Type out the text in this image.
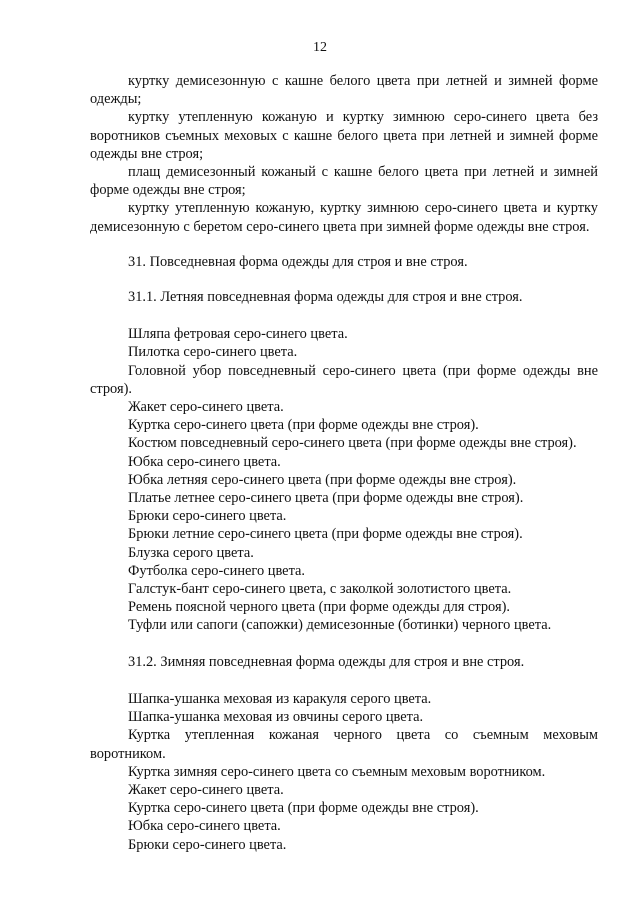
12
куртку демисезонную с кашне белого цвета при летней и зимней форме одежды;
куртку утепленную кожаную и куртку зимнюю серо-синего цвета без воротников съемных меховых с кашне белого цвета при летней и зимней форме одежды вне строя;
плащ демисезонный кожаный с кашне белого цвета при летней и зимней форме одежды вне строя;
куртку утепленную кожаную, куртку зимнюю серо-синего цвета и куртку демисезонную с беретом серо-синего цвета при зимней форме одежды вне строя.
31. Повседневная форма одежды для строя и вне строя.
31.1. Летняя повседневная форма одежды для строя и вне строя.
Шляпа фетровая серо-синего цвета.
Пилотка серо-синего цвета.
Головной убор повседневный серо-синего цвета (при форме одежды вне строя).
Жакет серо-синего цвета.
Куртка серо-синего цвета (при форме одежды вне строя).
Костюм повседневный серо-синего цвета (при форме одежды вне строя).
Юбка серо-синего цвета.
Юбка летняя серо-синего цвета (при форме одежды вне строя).
Платье летнее серо-синего цвета (при форме одежды вне строя).
Брюки серо-синего цвета.
Брюки летние серо-синего цвета (при форме одежды вне строя).
Блузка серого цвета.
Футболка серо-синего цвета.
Галстук-бант серо-синего цвета, с заколкой золотистого цвета.
Ремень поясной черного цвета (при форме одежды для строя).
Туфли или сапоги (сапожки) демисезонные (ботинки) черного цвета.
31.2. Зимняя повседневная форма одежды для строя и вне строя.
Шапка-ушанка меховая из каракуля серого цвета.
Шапка-ушанка меховая из овчины серого цвета.
Куртка утепленная кожаная черного цвета со съемным меховым воротником.
Куртка зимняя серо-синего цвета со съемным меховым воротником.
Жакет серо-синего цвета.
Куртка серо-синего цвета (при форме одежды вне строя).
Юбка серо-синего цвета.
Брюки серо-синего цвета.
